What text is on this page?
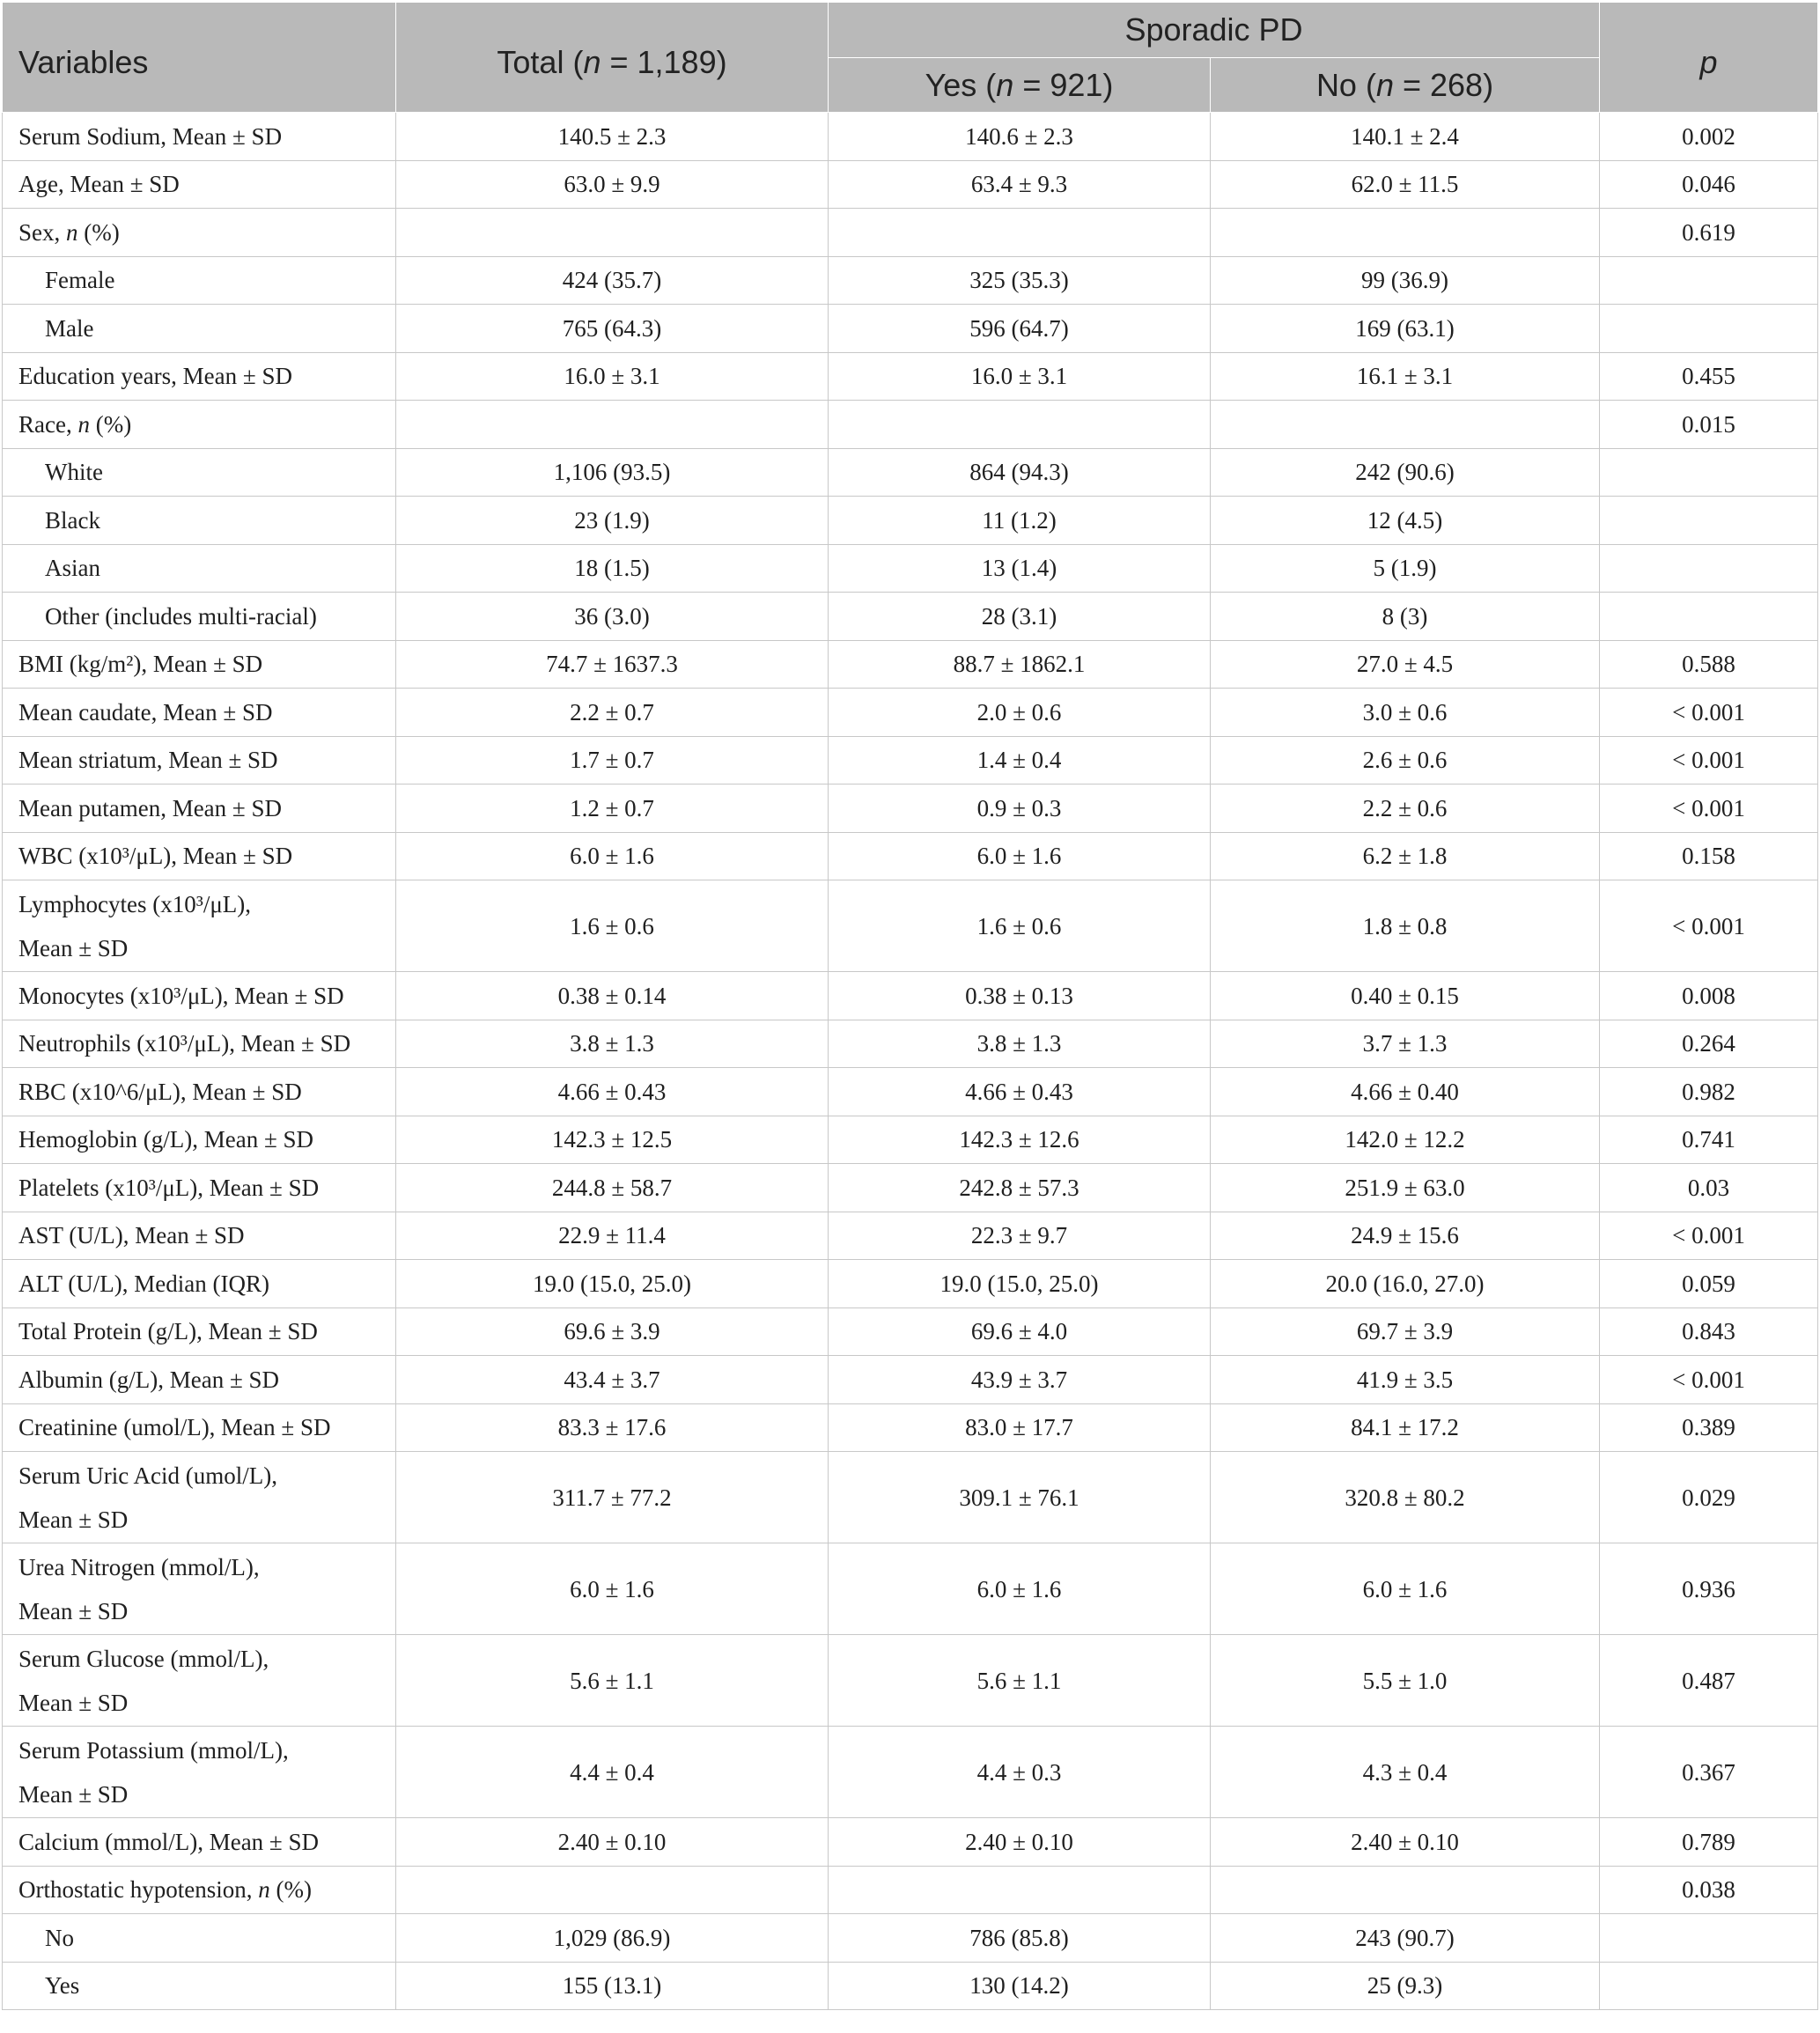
Variables	Total (n = 1,189)	Sporadic PD		p
		Yes (n = 921)	No (n = 268)	
Serum Sodium, Mean ± SD	140.5 ± 2.3	140.6 ± 2.3	140.1 ± 2.4	0.002
Age, Mean ± SD	63.0 ± 9.9	63.4 ± 9.3	62.0 ± 11.5	0.046
Sex, n (%)				0.619
Female	424 (35.7)	325 (35.3)	99 (36.9)	
Male	765 (64.3)	596 (64.7)	169 (63.1)	
Education years, Mean ± SD	16.0 ± 3.1	16.0 ± 3.1	16.1 ± 3.1	0.455
Race, n (%)				0.015
White	1,106 (93.5)	864 (94.3)	242 (90.6)	
Black	23 (1.9)	11 (1.2)	12 (4.5)	
Asian	18 (1.5)	13 (1.4)	5 (1.9)	
Other (includes multi-racial)	36 (3.0)	28 (3.1)	8 (3)	
BMI (kg/m²), Mean ± SD	74.7 ± 1637.3	88.7 ± 1862.1	27.0 ± 4.5	0.588
Mean caudate, Mean ± SD	2.2 ± 0.7	2.0 ± 0.6	3.0 ± 0.6	< 0.001
Mean striatum, Mean ± SD	1.7 ± 0.7	1.4 ± 0.4	2.6 ± 0.6	< 0.001
Mean putamen, Mean ± SD	1.2 ± 0.7	0.9 ± 0.3	2.2 ± 0.6	< 0.001
WBC (x10³/μL), Mean ± SD	6.0 ± 1.6	6.0 ± 1.6	6.2 ± 1.8	0.158
Lymphocytes (x10³/μL),
Mean ± SD	1.6 ± 0.6	1.6 ± 0.6	1.8 ± 0.8	< 0.001
Monocytes (x10³/μL), Mean ± SD	0.38 ± 0.14	0.38 ± 0.13	0.40 ± 0.15	0.008
Neutrophils (x10³/μL), Mean ± SD	3.8 ± 1.3	3.8 ± 1.3	3.7 ± 1.3	0.264
RBC (x10^6/μL), Mean ± SD	4.66 ± 0.43	4.66 ± 0.43	4.66 ± 0.40	0.982
Hemoglobin (g/L), Mean ± SD	142.3 ± 12.5	142.3 ± 12.6	142.0 ± 12.2	0.741
Platelets (x10³/μL), Mean ± SD	244.8 ± 58.7	242.8 ± 57.3	251.9 ± 63.0	0.03
AST (U/L), Mean ± SD	22.9 ± 11.4	22.3 ± 9.7	24.9 ± 15.6	< 0.001
ALT (U/L), Median (IQR)	19.0 (15.0, 25.0)	19.0 (15.0, 25.0)	20.0 (16.0, 27.0)	0.059
Total Protein (g/L), Mean ± SD	69.6 ± 3.9	69.6 ± 4.0	69.7 ± 3.9	0.843
Albumin (g/L), Mean ± SD	43.4 ± 3.7	43.9 ± 3.7	41.9 ± 3.5	< 0.001
Creatinine (umol/L), Mean ± SD	83.3 ± 17.6	83.0 ± 17.7	84.1 ± 17.2	0.389
Serum Uric Acid (umol/L),
Mean ± SD	311.7 ± 77.2	309.1 ± 76.1	320.8 ± 80.2	0.029
Urea Nitrogen (mmol/L),
Mean ± SD	6.0 ± 1.6	6.0 ± 1.6	6.0 ± 1.6	0.936
Serum Glucose (mmol/L),
Mean ± SD	5.6 ± 1.1	5.6 ± 1.1	5.5 ± 1.0	0.487
Serum Potassium (mmol/L),
Mean ± SD	4.4 ± 0.4	4.4 ± 0.3	4.3 ± 0.4	0.367
Calcium (mmol/L), Mean ± SD	2.40 ± 0.10	2.40 ± 0.10	2.40 ± 0.10	0.789
Orthostatic hypotension, n (%)				0.038
No	1,029 (86.9)	786 (85.8)	243 (90.7)	
Yes	155 (13.1)	130 (14.2)	25 (9.3)	
